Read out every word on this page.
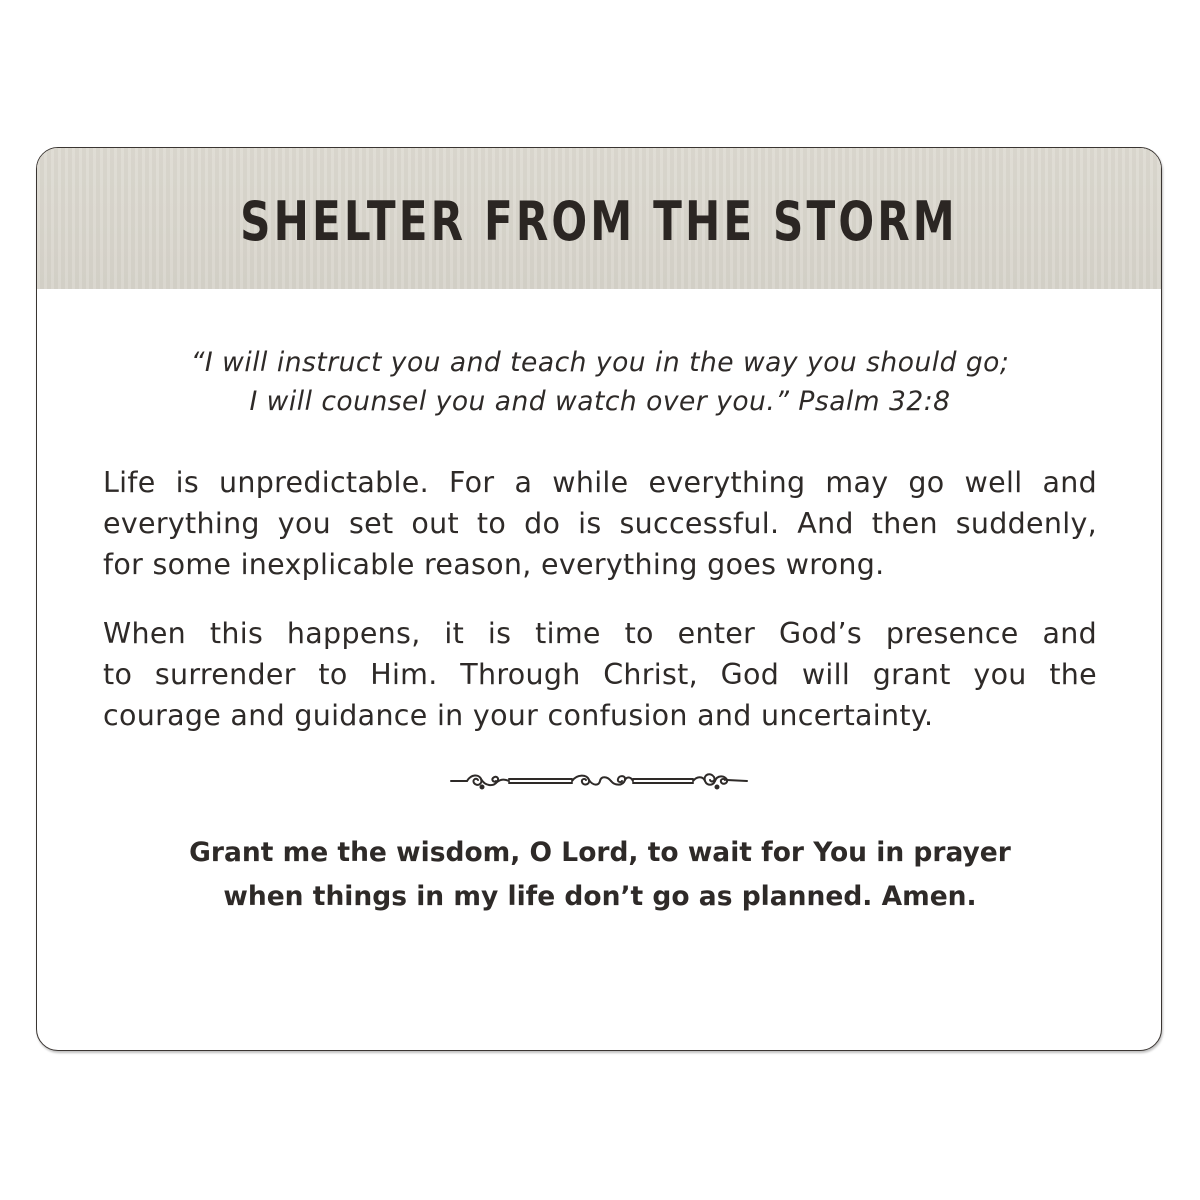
SHELTER FROM THE STORM
“I will instruct you and teach you in the way you should go;
I will counsel you and watch over you.” Psalm 32:8
Life is unpredictable. For a while everything may go well and
everything you set out to do is successful. And then suddenly,
for some inexplicable reason, everything goes wrong.
When this happens, it is time to enter God’s presence and
to surrender to Him. Through Christ, God will grant you the
courage and guidance in your confusion and uncertainty.
Grant me the wisdom, O Lord, to wait for You in prayer
when things in my life don’t go as planned. Amen.
